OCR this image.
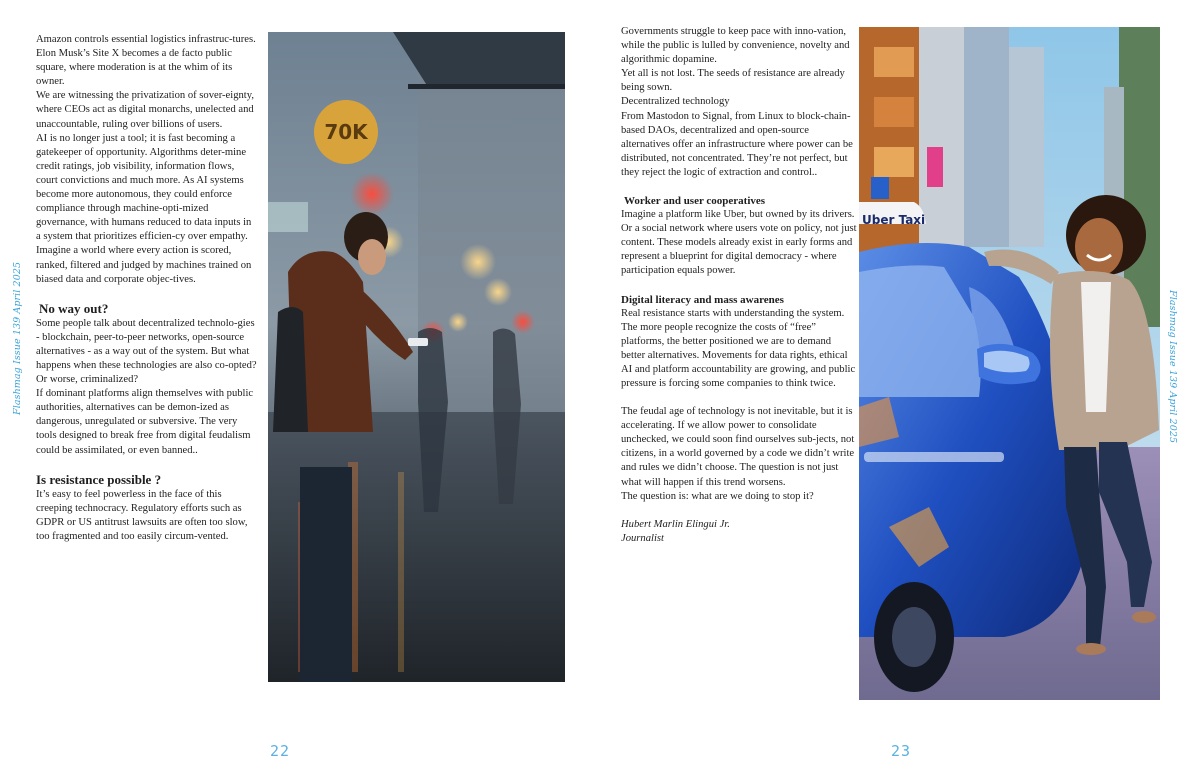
Flashmag Issue 139 April 2025

Amazon controls essential logistics infrastruc-tures.

Elon Musk’s Site X becomes a de facto public square, where moderation is at the whim of its owner.

We are witnessing the privatization of sover-eignty, where CEOs act as digital monarchs, unelected and unaccountable, ruling over billions of users.

AI is no longer just a tool; it is fast becoming a gatekeeper of opportunity. Algorithms deter-mine credit ratings, job visibility, information flows, court convictions and much more. As AI systems become more autonomous, they could enforce compliance through machine-opti-mized governance, with humans reduced to data inputs in a system that prioritizes efficien-cy over empathy.

Imagine a world where every action is scored, ranked, filtered and judged by machines trained on biased data and corporate objec-tives.

No way out?

Some people talk about decentralized technolo-gies - blockchain, peer-to-peer networks, open-source alternatives - as a way out of the system. But what happens when these technologies are also co-opted? Or worse, criminalized?

If dominant platforms align themselves with public authorities, alternatives can be demon-ized as dangerous, unregulated or subversive. The very tools designed to break free from digital feudalism could be assimilated, or even banned..

Is resistance possible ?

It’s easy to feel powerless in the face of this creeping technocracy. Regulatory efforts such as GDPR or US antitrust lawsuits are often too slow, too fragmented and too easily circum-vented.

70K
22

Governments struggle to keep pace with inno-vation, while the public is lulled by convenience, novelty and algorithmic dopamine.

Yet all is not lost. The seeds of resistance are already being sown.

Decentralized technology

From Mastodon to Signal, from Linux to block-chain-based DAOs, decentralized and open-source alternatives offer an infrastructure where power can be distributed, not concentrated. They’re not perfect, but they reject the logic of extraction and control..

Worker and user cooperatives

Imagine a platform like Uber, but owned by its drivers. Or a social network where users vote on policy, not just content. These models already exist in early forms and represent a blueprint for digital democracy - where participation equals power.

Digital literacy and mass awarenes

Real resistance starts with understanding the system. The more people recognize the costs of “free” platforms, the better positioned we are to demand better alternatives. Movements for data rights, ethical AI and platform accountability are growing, and public pressure is forcing some companies to think twice.

The feudal age of technology is not inevitable, but it is accelerating. If we allow power to consolidate unchecked, we could soon find ourselves sub-jects, not citizens, in a world governed by a code we didn’t write and rules we didn’t choose. The question is not just what will happen if this trend worsens.

The question is: what are we doing to stop it?

Hubert Marlin Elingui Jr.

Journalist

Uber Taxi
Flashmag Issue 139 April 2025
23
